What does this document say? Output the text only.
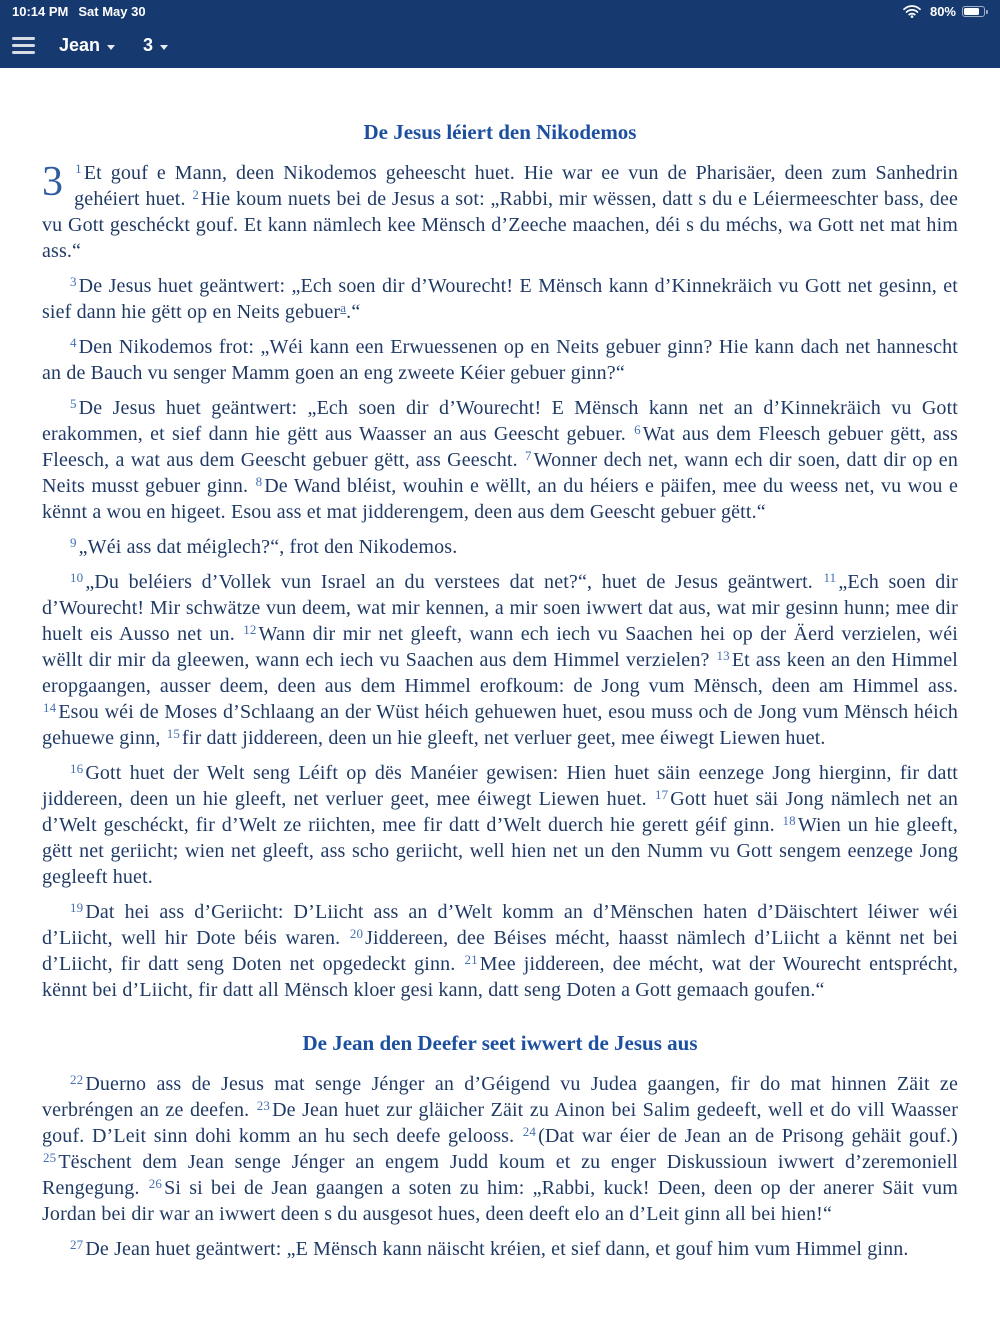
10:14 PM Sat May 30	80%
Jean 3
De Jesus léiert den Nikodemos

3 $^1$ Et gouf e Mann, deen Nikodemos geheescht huet. Hie war ee vun de Pharisäer, deen zum Sanhedrin gehéiert huet. $^2$ Hie koum nuets bei de Jesus a sot: „Rabbi, mir wëssen, datt s du e Léiermeeschter bass, dee vu Gott geschéckt gouf. Et kann nämlech kee Mënsch d’Zeeche maachen, déi s du méchs, wa Gott net mat him ass.“

$^3$ De Jesus huet geäntwert: „Ech soen dir d’Wourecht! E Mënsch kann d’Kinnekräich vu Gott net gesinn, et sief dann hie gëtt op en Neits gebuer$^a$.“

$^4$ Den Nikodemos frot: „Wéi kann een Erwuessenen op en Neits gebuer ginn? Hie kann dach net hannescht an de Bauch vu senger Mamm goen an eng zweete Kéier gebuer ginn?“

$^5$ De Jesus huet geäntwert: „Ech soen dir d’Wourecht! E Mënsch kann net an d’Kinnekräich vu Gott erakommen, et sief dann hie gëtt aus Waasser an aus Geescht gebuer. $^6$ Wat aus dem Fleesch gebuer gëtt, ass Fleesch, a wat aus dem Geescht gebuer gëtt, ass Geescht. $^7$ Wonner dech net, wann ech dir soen, datt dir op en Neits musst gebuer ginn. $^8$ De Wand bléist, wouhin e wëllt, an du héiers e päifen, mee du weess net, vu wou e kënnt a wou en higeet. Esou ass et mat jidderengem, deen aus dem Geescht gebuer gëtt.“

$^9$ „Wéi ass dat méiglech?“, frot den Nikodemos.

$^{10}$ „Du beléiers d’Vollek vun Israel an du verstees dat net?“, huet de Jesus geäntwert. $^{11}$ „Ech soen dir d’Wourecht! Mir schwätze vun deem, wat mir kennen, a mir soen iwwert dat aus, wat mir gesinn hunn; mee dir huelt eis Ausso net un. $^{12}$ Wann dir mir net gleeft, wann ech iech vu Saachen hei op der Äerd verzielen, wéi wëllt dir mir da gleewen, wann ech iech vu Saachen aus dem Himmel verzielen? $^{13}$ Et ass keen an den Himmel eropgaangen, ausser deem, deen aus dem Himmel erofkoum: de Jong vum Mënsch, deen am Himmel ass. $^{14}$ Esou wéi de Moses d’Schlaang an der Wüst héich gehuewen huet, esou muss och de Jong vum Mënsch héich gehuewe ginn, $^{15}$ fir datt jiddereen, deen un hie gleeft, net verluer geet, mee éiwegt Liewen huet.

$^{16}$ Gott huet der Welt seng Léift op dës Manéier gewisen: Hien huet säin eenzege Jong hierginn, fir datt jiddereen, deen un hie gleeft, net verluer geet, mee éiwegt Liewen huet. $^{17}$ Gott huet säi Jong nämlech net an d’Welt geschéckt, fir d’Welt ze riichten, mee fir datt d’Welt duerch hie gerett géif ginn. $^{18}$ Wien un hie gleeft, gëtt net geriicht; wien net gleeft, ass scho geriicht, well hien net un den Numm vu Gott sengem eenzege Jong gegleeft huet.

$^{19}$ Dat hei ass d’Geriicht: D’Liicht ass an d’Welt komm an d’Mënschen haten d’Däischtert léiwer wéi d’Liicht, well hir Dote béis waren. $^{20}$ Jiddereen, dee Béises mécht, haasst nämlech d’Liicht a kënnt net bei d’Liicht, fir datt seng Doten net opgedeckt ginn. $^{21}$ Mee jiddereen, dee mécht, wat der Wourecht entsprécht, kënnt bei d’Liicht, fir datt all Mënsch kloer gesi kann, datt seng Doten a Gott gemaach goufen.“

De Jean den Deefer seet iwwert de Jesus aus

$^{22}$ Duerno ass de Jesus mat senge Jénger an d’Géigend vu Judea gaangen, fir do mat hinnen Zäit ze verbréngen an ze deefen. $^{23}$ De Jean huet zur gläicher Zäit zu Ainon bei Salim gedeeft, well et do vill Waasser gouf. D’Leit sinn dohi komm an hu sech deefe gelooss. $^{24}$ (Dat war éier de Jean an de Prisong gehäit gouf.) $^{25}$ Tëschent dem Jean senge Jénger an engem Judd koum et zu enger Diskussioun iwwert d’zeremoniell Rengegung. $^{26}$ Si si bei de Jean gaangen a soten zu him: „Rabbi, kuck! Deen, deen op der anerer Säit vum Jordan bei dir war an iwwert deen s du ausgesot hues, deen deeft elo an d’Leit ginn all bei hien!“

$^{27}$ De Jean huet geäntwert: „E Mënsch kann näischt kréien, et sief dann, et gouf him vum Himmel ginn.
